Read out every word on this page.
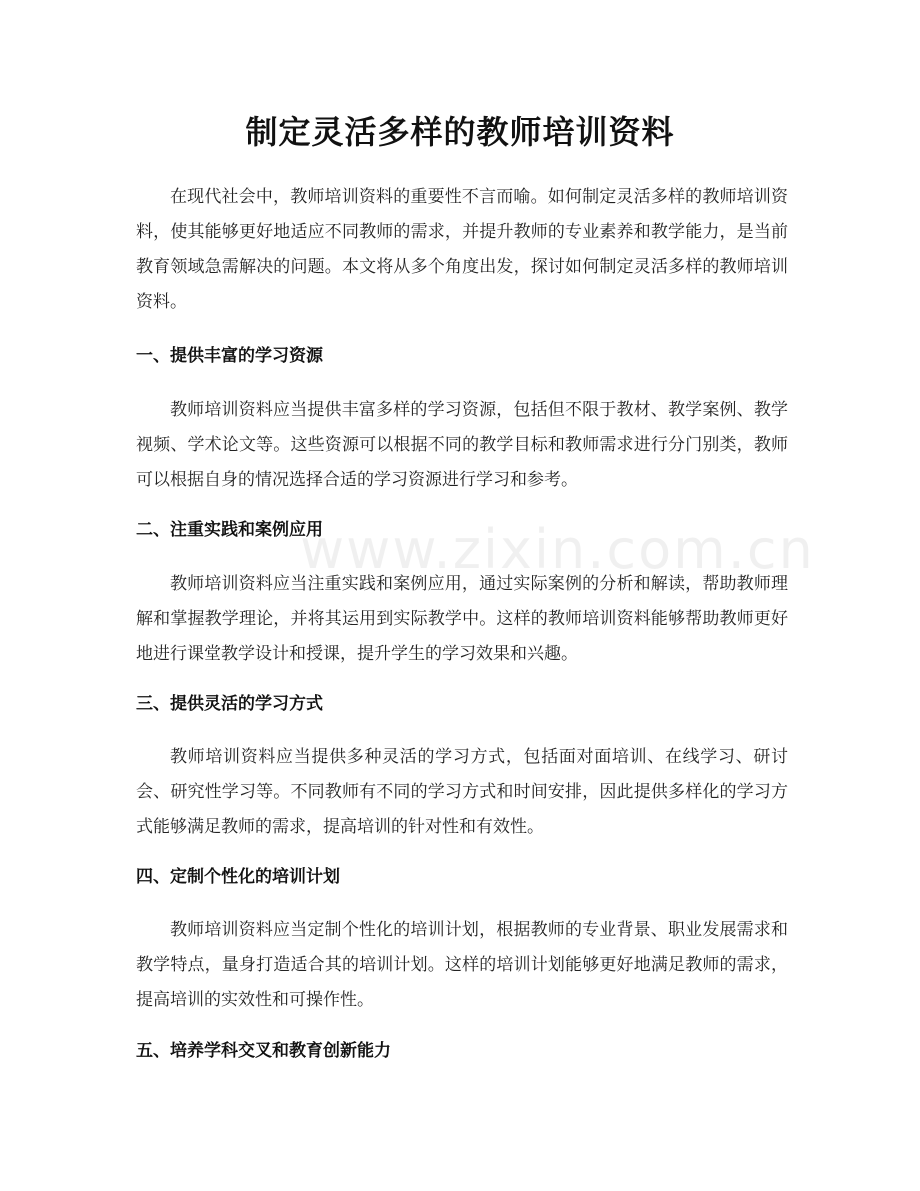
www.zixin.com.cn
制定灵活多样的教师培训资料
在现代社会中，教师培训资料的重要性不言而喻。如何制定灵活多样的教师培训资料，使其能够更好地适应不同教师的需求，并提升教师的专业素养和教学能力，是当前教育领域急需解决的问题。本文将从多个角度出发，探讨如何制定灵活多样的教师培训资料。
一、提供丰富的学习资源
教师培训资料应当提供丰富多样的学习资源，包括但不限于教材、教学案例、教学视频、学术论文等。这些资源可以根据不同的教学目标和教师需求进行分门别类，教师可以根据自身的情况选择合适的学习资源进行学习和参考。
二、注重实践和案例应用
教师培训资料应当注重实践和案例应用，通过实际案例的分析和解读，帮助教师理解和掌握教学理论，并将其运用到实际教学中。这样的教师培训资料能够帮助教师更好地进行课堂教学设计和授课，提升学生的学习效果和兴趣。
三、提供灵活的学习方式
教师培训资料应当提供多种灵活的学习方式，包括面对面培训、在线学习、研讨会、研究性学习等。不同教师有不同的学习方式和时间安排，因此提供多样化的学习方式能够满足教师的需求，提高培训的针对性和有效性。
四、定制个性化的培训计划
教师培训资料应当定制个性化的培训计划，根据教师的专业背景、职业发展需求和教学特点，量身打造适合其的培训计划。这样的培训计划能够更好地满足教师的需求，提高培训的实效性和可操作性。
五、培养学科交叉和教育创新能力
